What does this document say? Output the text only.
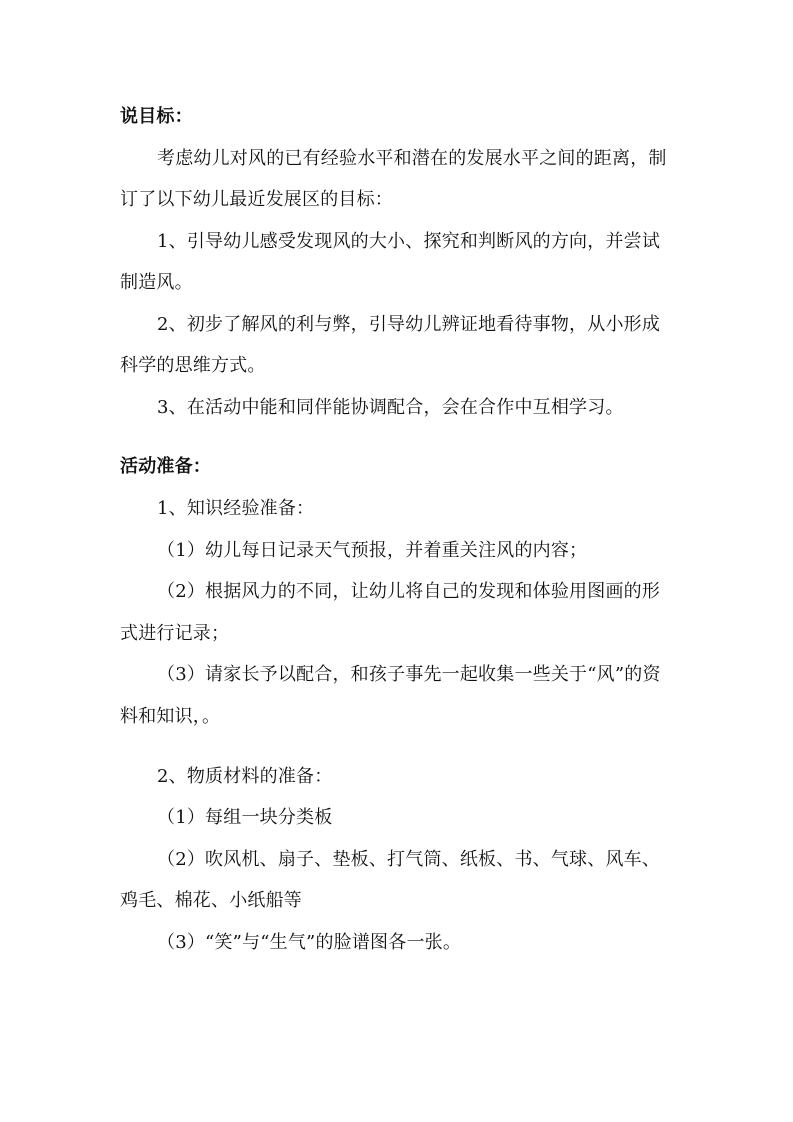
说目标：
考虑幼儿对风的已有经验水平和潜在的发展水平之间的距离，制
订了以下幼儿最近发展区的目标：
1、引导幼儿感受发现风的大小、探究和判断风的方向，并尝试
制造风。
2、初步了解风的利与弊，引导幼儿辨证地看待事物，从小形成
科学的思维方式。
3、在活动中能和同伴能协调配合，会在合作中互相学习。
活动准备：
1、知识经验准备：
（1）幼儿每日记录天气预报，并着重关注风的内容；
（2）根据风力的不同，让幼儿将自己的发现和体验用图画的形
式进行记录；
（3）请家长予以配合，和孩子事先一起收集一些关于“风”的资
料和知识，。
2、物质材料的准备：
（1）每组一块分类板
（2）吹风机、扇子、垫板、打气筒、纸板、书、气球、风车、
鸡毛、棉花、小纸船等
（3）“笑”与“生气”的脸谱图各一张。
